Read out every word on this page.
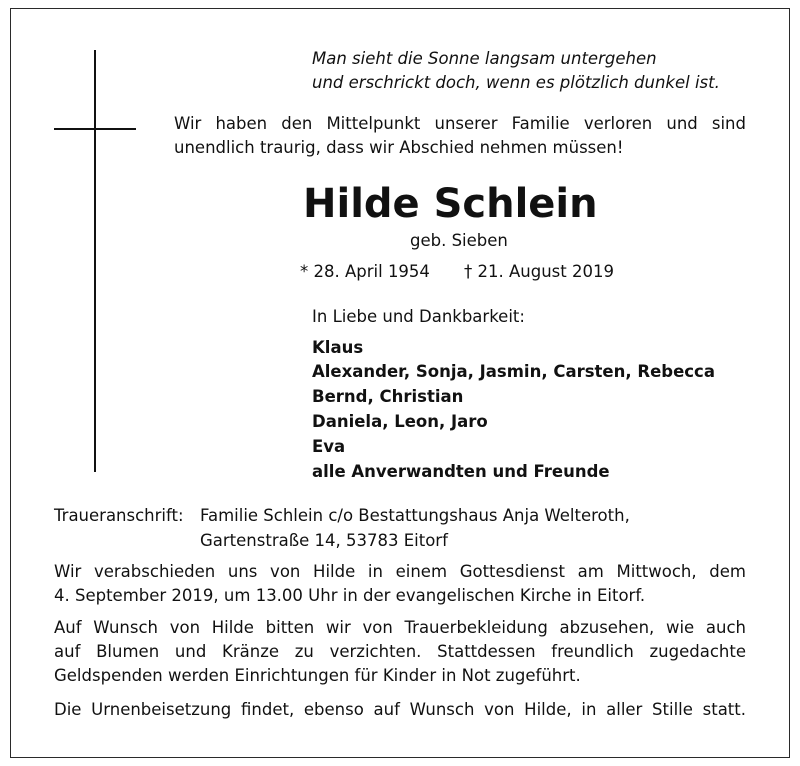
Man sieht die Sonne langsam untergehen
und erschrickt doch, wenn es plötzlich dunkel ist.
Wir haben den Mittelpunkt unserer Familie verloren und sind
unendlich traurig, dass wir Abschied nehmen müssen!
Hilde Schlein
geb. Sieben
* 28. April 1954 † 21. August 2019
In Liebe und Dankbarkeit:
Klaus
Alexander, Sonja, Jasmin, Carsten, Rebecca
Bernd, Christian
Daniela, Leon, Jaro
Eva
alle Anverwandten und Freunde
Traueranschrift: Familie Schlein c/o Bestattungshaus Anja Welteroth,
Gartenstraße 14, 53783 Eitorf
Wir verabschieden uns von Hilde in einem Gottesdienst am Mittwoch, dem
4. September 2019, um 13.00 Uhr in der evangelischen Kirche in Eitorf.
Auf Wunsch von Hilde bitten wir von Trauerbekleidung abzusehen, wie auch
auf Blumen und Kränze zu verzichten. Stattdessen freundlich zugedachte
Geldspenden werden Einrichtungen für Kinder in Not zugeführt.
Die Urnenbeisetzung findet, ebenso auf Wunsch von Hilde, in aller Stille statt.
